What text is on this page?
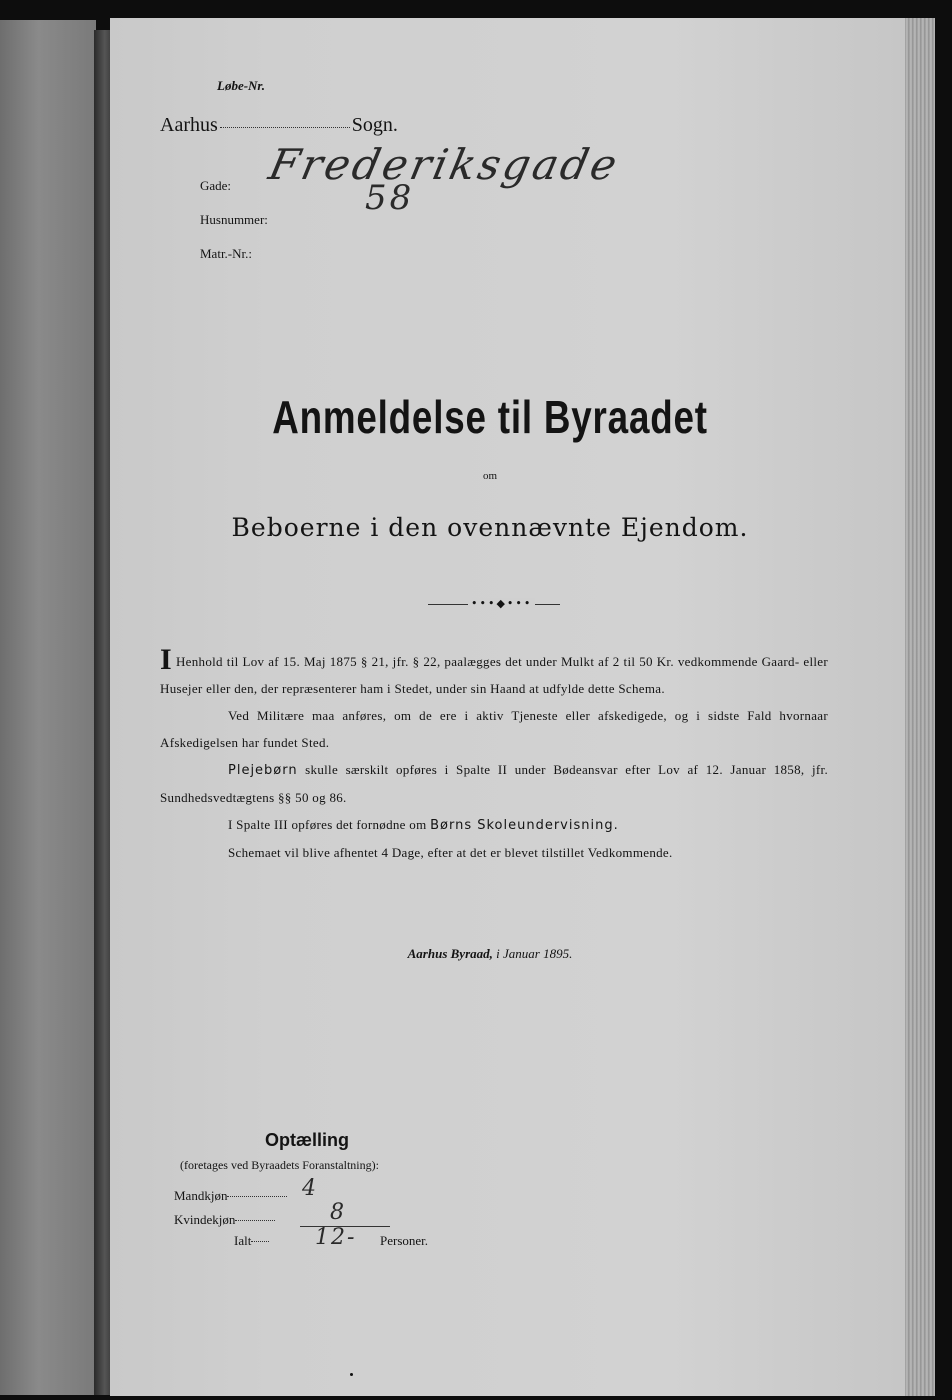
Løbe-Nr.
Aarhus	Sogn.
Gade:
Husnummer:
Matr.-Nr.:
Frederiksgade
58
Anmeldelse til Byraadet
om
Beboerne i den ovennævnte Ejendom.
•••◆•••

I Henhold til Lov af 15. Maj 1875 § 21, jfr. § 22, paalægges det under Mulkt af 2 til 50 Kr. vedkommende Gaard- eller Husejer eller den, der repræsenterer ham i Stedet, under sin Haand at udfylde dette Schema.

Ved Militære maa anføres, om de ere i aktiv Tjeneste eller afskedigede, og i sidste Fald hvornaar Afskedigelsen har fundet Sted.

Plejebørn skulle særskilt opføres i Spalte II under Bødeansvar efter Lov af 12. Januar 1858, jfr. Sundhedsvedtægtens §§ 50 og 86.

I Spalte III opføres det fornødne om Børns Skoleundervisning.

Schemaet vil blive afhentet 4 Dage, efter at det er blevet tilstillet Vedkommende.

Aarhus Byraad, i Januar 1895.
Optælling
(foretages ved Byraadets Foranstaltning):
Mandkjøn
Kvindekjøn
Ialt
4
8
12- Personer.
